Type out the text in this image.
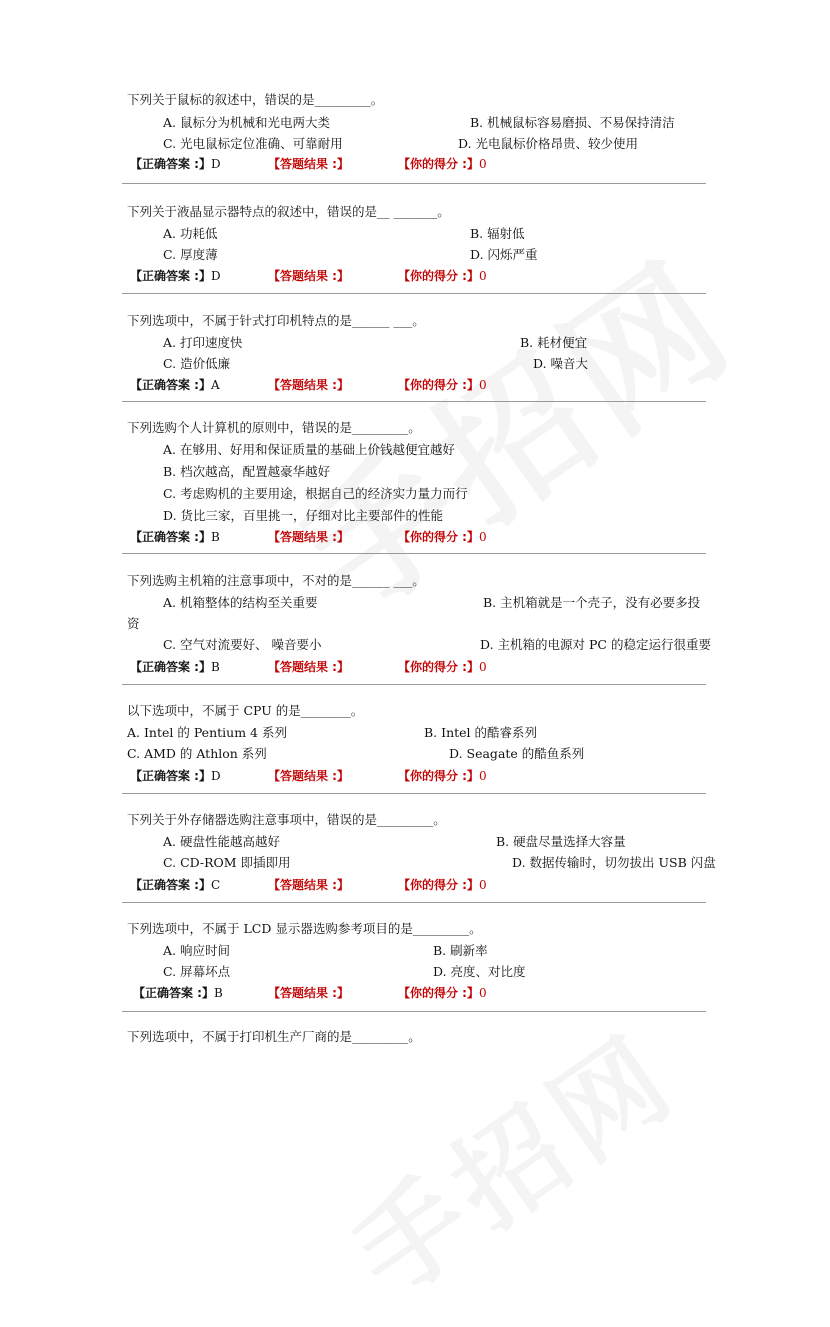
下列关于鼠标的叙述中，错误的是_________。
A. 鼠标分为机械和光电两大类	B. 机械鼠标容易磨损、不易保持清洁
C. 光电鼠标定位准确、可靠耐用	D. 光电鼠标价格昂贵、较少使用
【正确答案 :】D	【答题结果 :】	【你的得分 :】0
下列关于液晶显示器特点的叙述中，错误的是__ _______。
A. 功耗低	B. 辐射低
C. 厚度薄	D. 闪烁严重
【正确答案 :】D	【答题结果 :】	【你的得分 :】0
下列选项中，不属于针式打印机特点的是______ ___。
A. 打印速度快	B. 耗材便宜
C. 造价低廉	D. 噪音大
【正确答案 :】A	【答题结果 :】	【你的得分 :】0
下列选购个人计算机的原则中，错误的是_________。
A. 在够用、好用和保证质量的基础上价钱越便宜越好
B. 档次越高，配置越豪华越好
C. 考虑购机的主要用途，根据自己的经济实力量力而行
D. 货比三家，百里挑一，仔细对比主要部件的性能
【正确答案 :】B	【答题结果 :】	【你的得分 :】0
下列选购主机箱的注意事项中，不对的是______ ___。
A. 机箱整体的结构至关重要	B. 主机箱就是一个壳子，没有必要多投
资
C. 空气对流要好、 噪音要小	D. 主机箱的电源对 PC 的稳定运行很重要
【正确答案 :】B	【答题结果 :】	【你的得分 :】0
以下选项中，不属于 CPU 的是________。
A. Intel 的 Pentium 4 系列	B. Intel 的酷睿系列
C. AMD 的 Athlon 系列	D. Seagate 的酷鱼系列
【正确答案 :】D	【答题结果 :】	【你的得分 :】0
下列关于外存储器选购注意事项中，错误的是_________。
A. 硬盘性能越高越好	B. 硬盘尽量选择大容量
C. CD-ROM 即插即用	D. 数据传输时，切勿拔出 USB 闪盘
【正确答案 :】C	【答题结果 :】	【你的得分 :】0
下列选项中，不属于 LCD 显示器选购参考项目的是_________。
A. 响应时间	B. 刷新率
C. 屏幕坏点	D. 亮度、对比度
【正确答案 :】B	【答题结果 :】	【你的得分 :】0
下列选项中，不属于打印机生产厂商的是_________。
